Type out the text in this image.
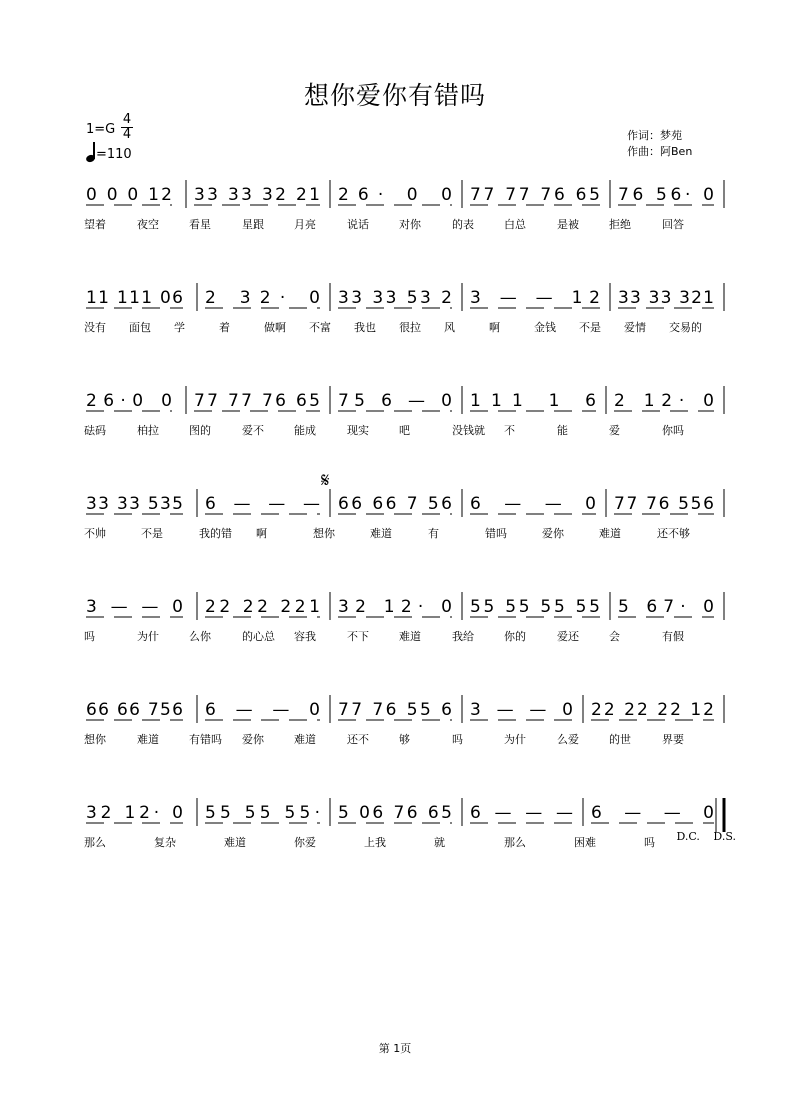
想你爱你有错吗
1=G
4
4
=110
作词：梦苑
作曲：阿Ben
𝄋
0 0 0 12 33 33 32 21 26· 0 0 77 77 76 65 76 56· 0
望着	夜空	看星	星跟	月亮	说话	对你	的表	白总	是被	拒绝	回答
11 111 06 2 32· 0 33 33 53 2 3 — — 12 33 33 321
没有 面包 学	着	做啊 不富 我也 很拉 风	啊	金钱 不是 爱情 交易的
26·0 0 77 77 76 65 75 6 — 0 111 1 6 2 12· 0
砝码	柏拉	图的	爱不	能成	现实	吧	没钱就 不	能	爱	你吗
33 33 535 6 — — — 66 66 7 56 6 — — 0 77 76 556
不帅	不是	我的错 啊	想你	难道	有	错吗	爱你	难道	还不够
3 — — 0 22 22 221 32 12· 0 55 55 55 55 5 67· 0
吗	为什	么你	的心总 容我	不下	难道	我给	你的	爱还	会	有假
66 66 756 6 — — 0 77 76 55 6 3 — — 0 22 22 22 12
想你	难道	有错吗 爱你	难道	还不	够	吗	为什	么爱	的世	界要
32 12· 0 55 55 55· 5 06 76 65 6 — — — 6 — — 0
那么	复杂	难道	你爱	上我	就	那么	困难	吗	D.C. D.S.
第 1页
